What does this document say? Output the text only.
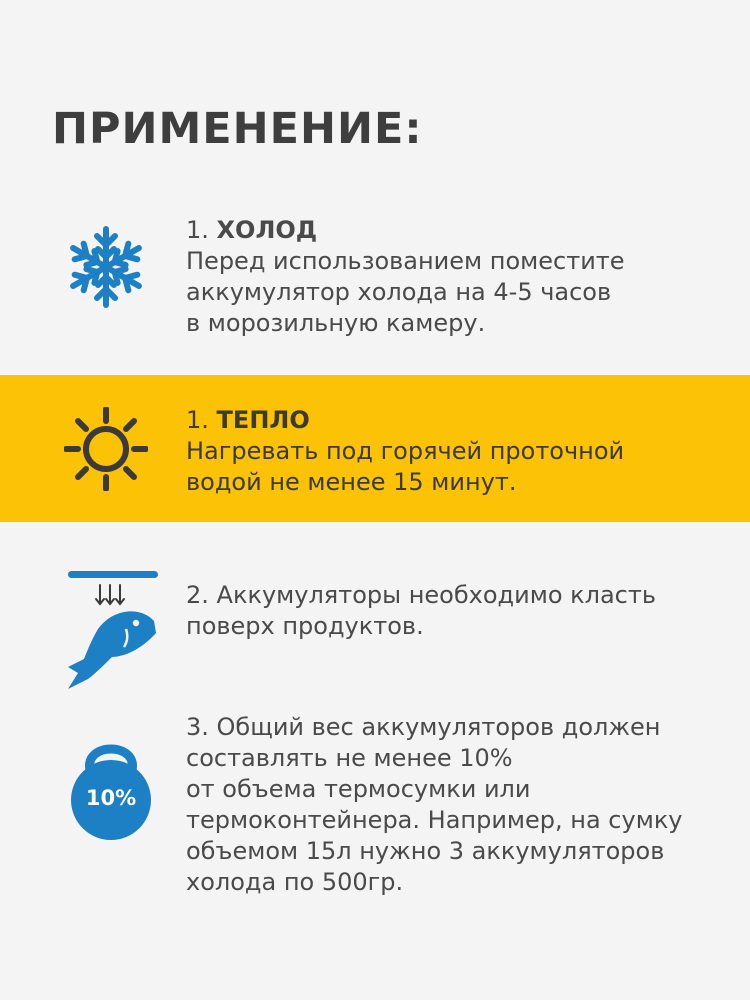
ПРИМЕНЕНИЕ:
1. ХОЛОД
Перед использованием поместите
аккумулятор холода на 4-5 часов
в морозильную камеру.
1. ТЕПЛО
Нагревать под горячей проточной
водой не менее 15 минут.
2. Аккумуляторы необходимо класть
поверх продуктов.
10%
3. Общий вес аккумуляторов должен
составлять не менее 10%
от объема термосумки или
термоконтейнера. Например, на сумку
объемом 15л нужно 3 аккумуляторов
холода по 500гр.
